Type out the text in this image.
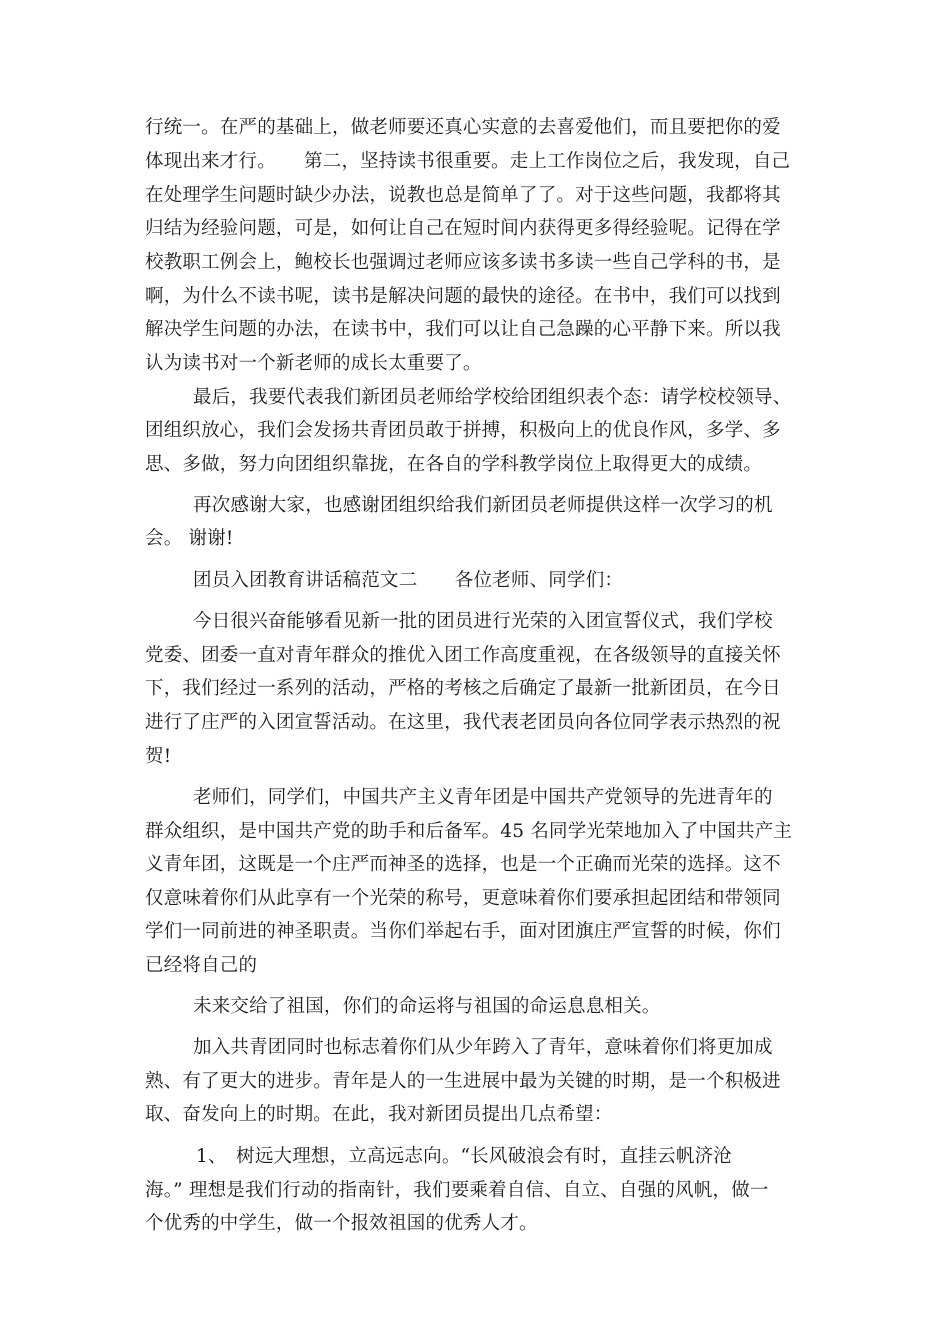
行统一。在严的基础上，做老师要还真心实意的去喜爱他们，而且要把你的爱
体现出来才行。　　第二，坚持读书很重要。走上工作岗位之后，我发现，自己
在处理学生问题时缺少办法，说教也总是简单了了。对于这些问题，我都将其
归结为经验问题，可是，如何让自己在短时间内获得更多得经验呢。记得在学
校教职工例会上，鲍校长也强调过老师应该多读书多读一些自己学科的书，是
啊，为什么不读书呢，读书是解决问题的最快的途径。在书中，我们可以找到
解决学生问题的办法，在读书中，我们可以让自己急躁的心平静下来。所以我
认为读书对一个新老师的成长太重要了。
最后，我要代表我们新团员老师给学校给团组织表个态：请学校校领导、
团组织放心，我们会发扬共青团员敢于拼搏，积极向上的优良作风，多学、多
思、多做，努力向团组织靠拢，在各自的学科教学岗位上取得更大的成绩。
再次感谢大家，也感谢团组织给我们新团员老师提供这样一次学习的机
会。 谢谢!
团员入团教育讲话稿范文二　　各位老师、同学们：
今日很兴奋能够看见新一批的团员进行光荣的入团宣誓仪式，我们学校
党委、团委一直对青年群众的推优入团工作高度重视，在各级领导的直接关怀
下，我们经过一系列的活动，严格的考核之后确定了最新一批新团员，在今日
进行了庄严的入团宣誓活动。在这里，我代表老团员向各位同学表示热烈的祝
贺!
老师们，同学们，中国共产主义青年团是中国共产党领导的先进青年的
群众组织，是中国共产党的助手和后备军。45 名同学光荣地加入了中国共产主
义青年团，这既是一个庄严而神圣的选择，也是一个正确而光荣的选择。这不
仅意味着你们从此享有一个光荣的称号，更意味着你们要承担起团结和带领同
学们一同前进的神圣职责。当你们举起右手，面对团旗庄严宣誓的时候，你们
已经将自己的
未来交给了祖国，你们的命运将与祖国的命运息息相关。
加入共青团同时也标志着你们从少年跨入了青年，意味着你们将更加成
熟、有了更大的进步。青年是人的一生进展中最为关键的时期，是一个积极进
取、奋发向上的时期。在此，我对新团员提出几点希望：
1、　树远大理想，立高远志向。“长风破浪会有时，直挂云帆济沧
海。” 理想是我们行动的指南针，我们要乘着自信、自立、自强的风帆，做一
个优秀的中学生，做一个报效祖国的优秀人才。
